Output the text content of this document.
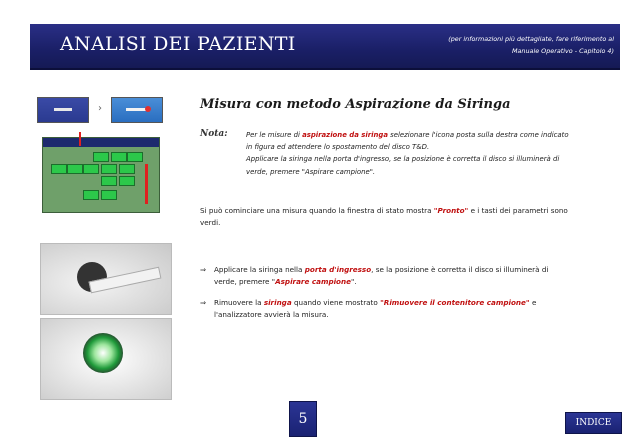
ANALISI DEI PAZIENTI	(per informazioni più dettagliate, fare riferimento al
Manuale Operativo - Capitolo 4)
›	Misura con metodo Aspirazione da Siringa
Nota:	Per le misure di aspirazione da siringa selezionare l'icona posta sulla destra come indicato
in figura ed attendere lo spostamento del disco T&D.
Applicare la siringa nella porta d'ingresso, se la posizione è corretta il disco si illuminerà di
verde, premere "Aspirare campione".
Si può cominciare una misura quando la finestra di stato mostra "Pronto" e i tasti dei parametri sono
verdi.
⇒ Applicare la siringa nella porta d'ingresso, se la posizione è corretta il disco si illuminerà di
verde, premere "Aspirare campione".
⇒ Rimuovere la siringa quando viene mostrato "Rimuovere il contenitore campione" e
l'analizzatore avvierà la misura.
5	INDICE
